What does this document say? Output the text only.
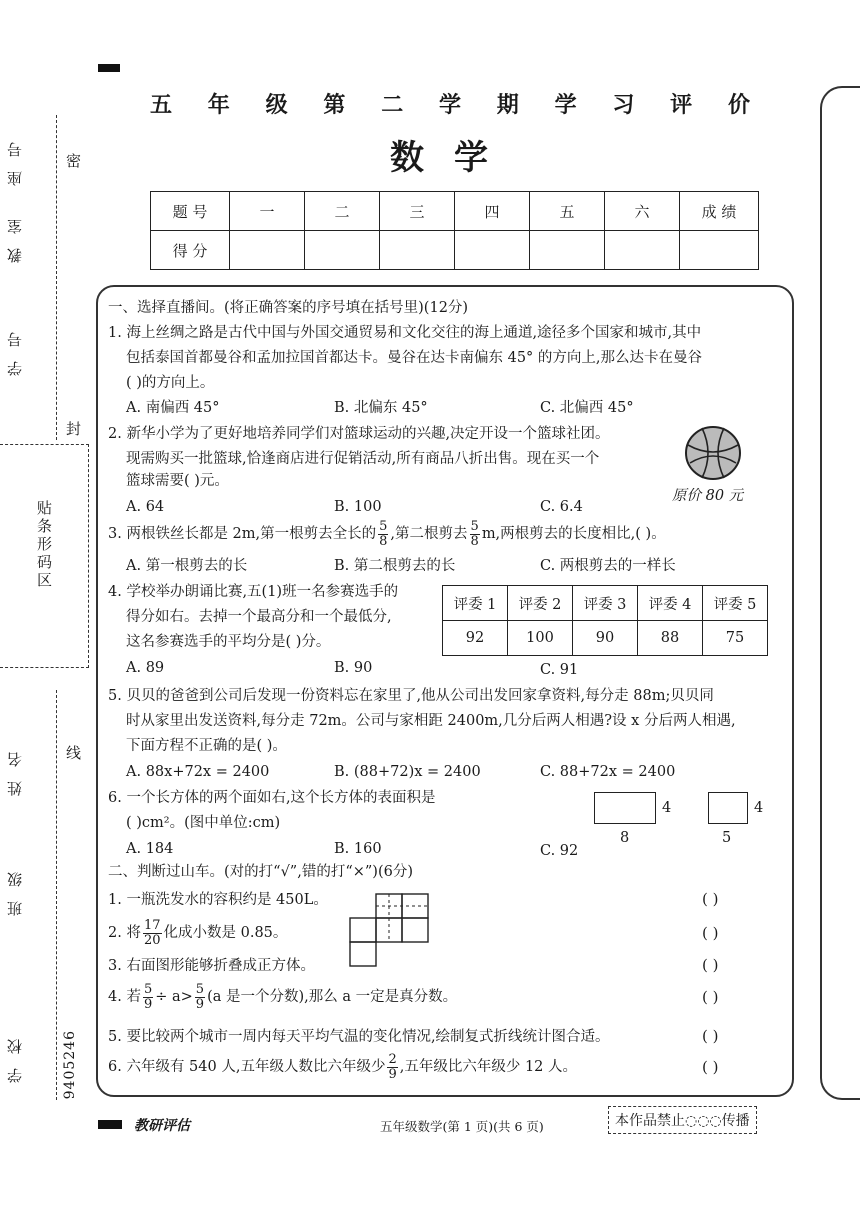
座号
教室
学号
密
封
贴条形码区
线
姓名
班级
学校	9405246
五 年 级 第 二 学 期 学 习 评 价
数学
题 号	一	二	三	四	五	六	成 绩
得 分							
一、选择直播间。(将正确答案的序号填在括号里)(12分)
1. 海上丝绸之路是古代中国与外国交通贸易和文化交往的海上通道,途径多个国家和城市,其中
包括泰国首都曼谷和孟加拉国首都达卡。曼谷在达卡南偏东 45° 的方向上,那么达卡在曼谷
( )的方向上。
A. 南偏西 45°	B. 北偏东 45°	C. 北偏西 45°
2. 新华小学为了更好地培养同学们对篮球运动的兴趣,决定开设一个篮球社团。
现需购买一批篮球,恰逢商店进行促销活动,所有商品八折出售。现在买一个
篮球需要( )元。
A. 64	B. 100	C. 6.4
原价 80 元
3. 两根铁丝长都是 2m,第一根剪去全长的 $\frac{5}{8}$ ,第二根剪去 $\frac{5}{8} m$,两根剪去的长度相比,( )。
A. 第一根剪去的长	B. 第二根剪去的长	C. 两根剪去的一样长
4. 学校举办朗诵比赛,五(1)班一名参赛选手的
得分如右。去掉一个最高分和一个最低分,
这名参赛选手的平均分是( )分。
评委 1	评委 2	评委 3	评委 4	评委 5
92	100	90	88	75
A. 89	B. 90	C. 91
5. 贝贝的爸爸到公司后发现一份资料忘在家里了,他从公司出发回家拿资料,每分走 88m;贝贝同
时从家里出发送资料,每分走 72m。公司与家相距 2400m,几分后两人相遇?设 x 分后两人相遇,
下面方程不正确的是( )。
A. 88x+72x = 2400	B. (88+72)x = 2400	C. 88+72x = 2400
6. 一个长方体的两个面如右,这个长方体的表面积是
( )cm²。(图中单位:cm)
4
8
4
5
A. 184	B. 160	C. 92
二、判断过山车。(对的打“√”,错的打“×”)(6分)
1. 一瓶洗发水的容积约是 450L。
2. 将 $\frac{17}{20}$ 化成小数是 0.85。
3. 右面图形能够折叠成正方体。
4. 若 $\frac{5}{9} \div a> \frac{5}{9} (a$ 是一个分数),那么 a 一定是真分数。
5. 要比较两个城市一周内每天平均气温的变化情况,绘制复式折线统计图合适。
6. 六年级有 540 人,五年级人数比六年级少 $\frac{2}{9}$ ,五年级比六年级少 12 人。
( )
( )
( )
( )
( )
( )
教研评估	五年级数学(第 1 页)(共 6 页)	本作品禁止◌◌◌传播
